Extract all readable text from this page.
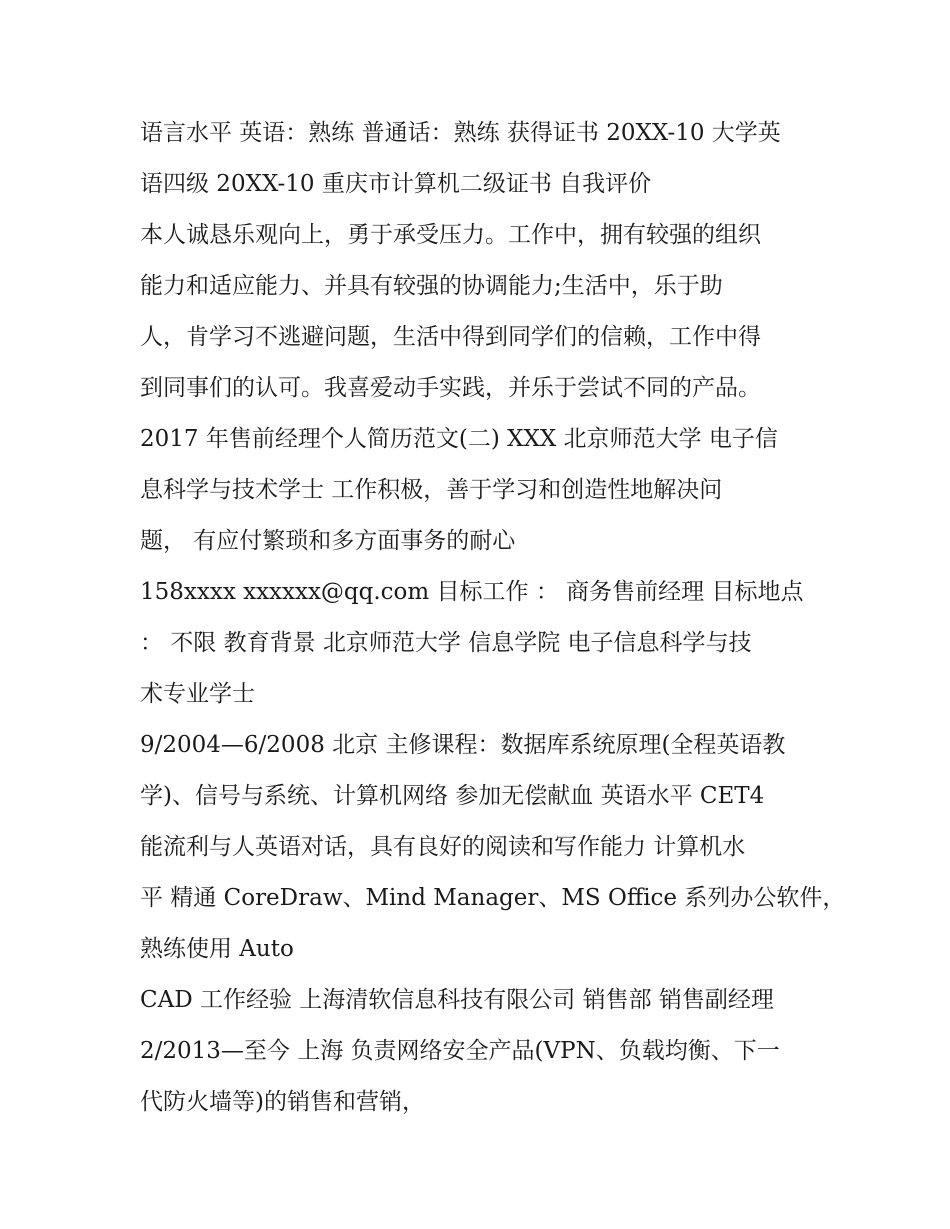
语言水平 英语：熟练 普通话：熟练 获得证书 20XX-10 大学英
语四级 20XX-10 重庆市计算机二级证书 自我评价
本人诚恳乐观向上，勇于承受压力。工作中，拥有较强的组织
能力和适应能力、并具有较强的协调能力;生活中，乐于助
人，肯学习不逃避问题，生活中得到同学们的信赖，工作中得
到同事们的认可。我喜爱动手实践，并乐于尝试不同的产品。
2017 年售前经理个人简历范文(二) XXX 北京师范大学 电子信
息科学与技术学士 工作积极，善于学习和创造性地解决问
题， 有应付繁琐和多方面事务的耐心
158xxxx xxxxxx@qq.com 目标工作 ： 商务售前经理 目标地点
： 不限 教育背景 北京师范大学 信息学院 电子信息科学与技
术专业学士
9/2004—6/2008 北京 主修课程：数据库系统原理(全程英语教
学)、信号与系统、计算机网络 参加无偿献血 英语水平 CET4
能流利与人英语对话，具有良好的阅读和写作能力 计算机水
平 精通 CoreDraw、Mind Manager、MS Office 系列办公软件，
熟练使用 Auto
CAD 工作经验 上海清软信息科技有限公司 销售部 销售副经理
2/2013—至今 上海 负责网络安全产品(VPN、负载均衡、下一
代防火墙等)的销售和营销，
